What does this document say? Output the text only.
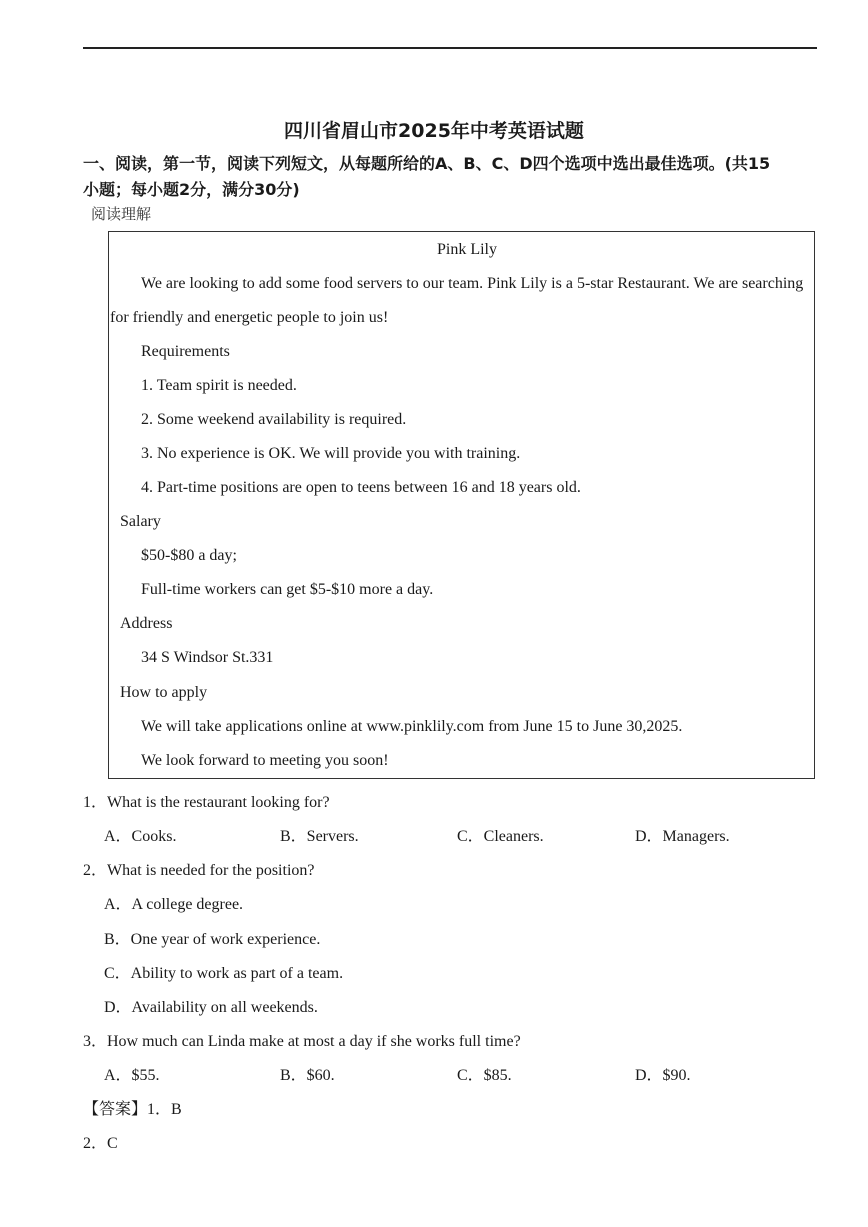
四川省眉山市2025年中考英语试题
一、阅读，第一节，阅读下列短文，从每题所给的A、B、C、D四个选项中选出最佳选项。(共15
小题；每小题2分，满分30分)
阅读理解
Pink Lily
We are looking to add some food servers to our team. Pink Lily is a 5-star Restaurant. We are searching
for friendly and energetic people to join us!
Requirements
1. Team spirit is needed.
2. Some weekend availability is required.
3. No experience is OK. We will provide you with training.
4. Part-time positions are open to teens between 16 and 18 years old.
Salary
$50-$80 a day;
Full-time workers can get $5-$10 more a day.
Address
34 S Windsor St.331
How to apply
We will take applications online at www.pinklily.com from June 15 to June 30,2025.
We look forward to meeting you soon!
1．What is the restaurant looking for?
A．Cooks.	B．Servers.	C．Cleaners.	D．Managers.
2．What is needed for the position?
A．A college degree.
B．One year of work experience.
C．Ability to work as part of a team.
D．Availability on all weekends.
3．How much can Linda make at most a day if she works full time?
A．$55.	B．$60.	C．$85.	D．$90.
【答案】1．B
2．C
